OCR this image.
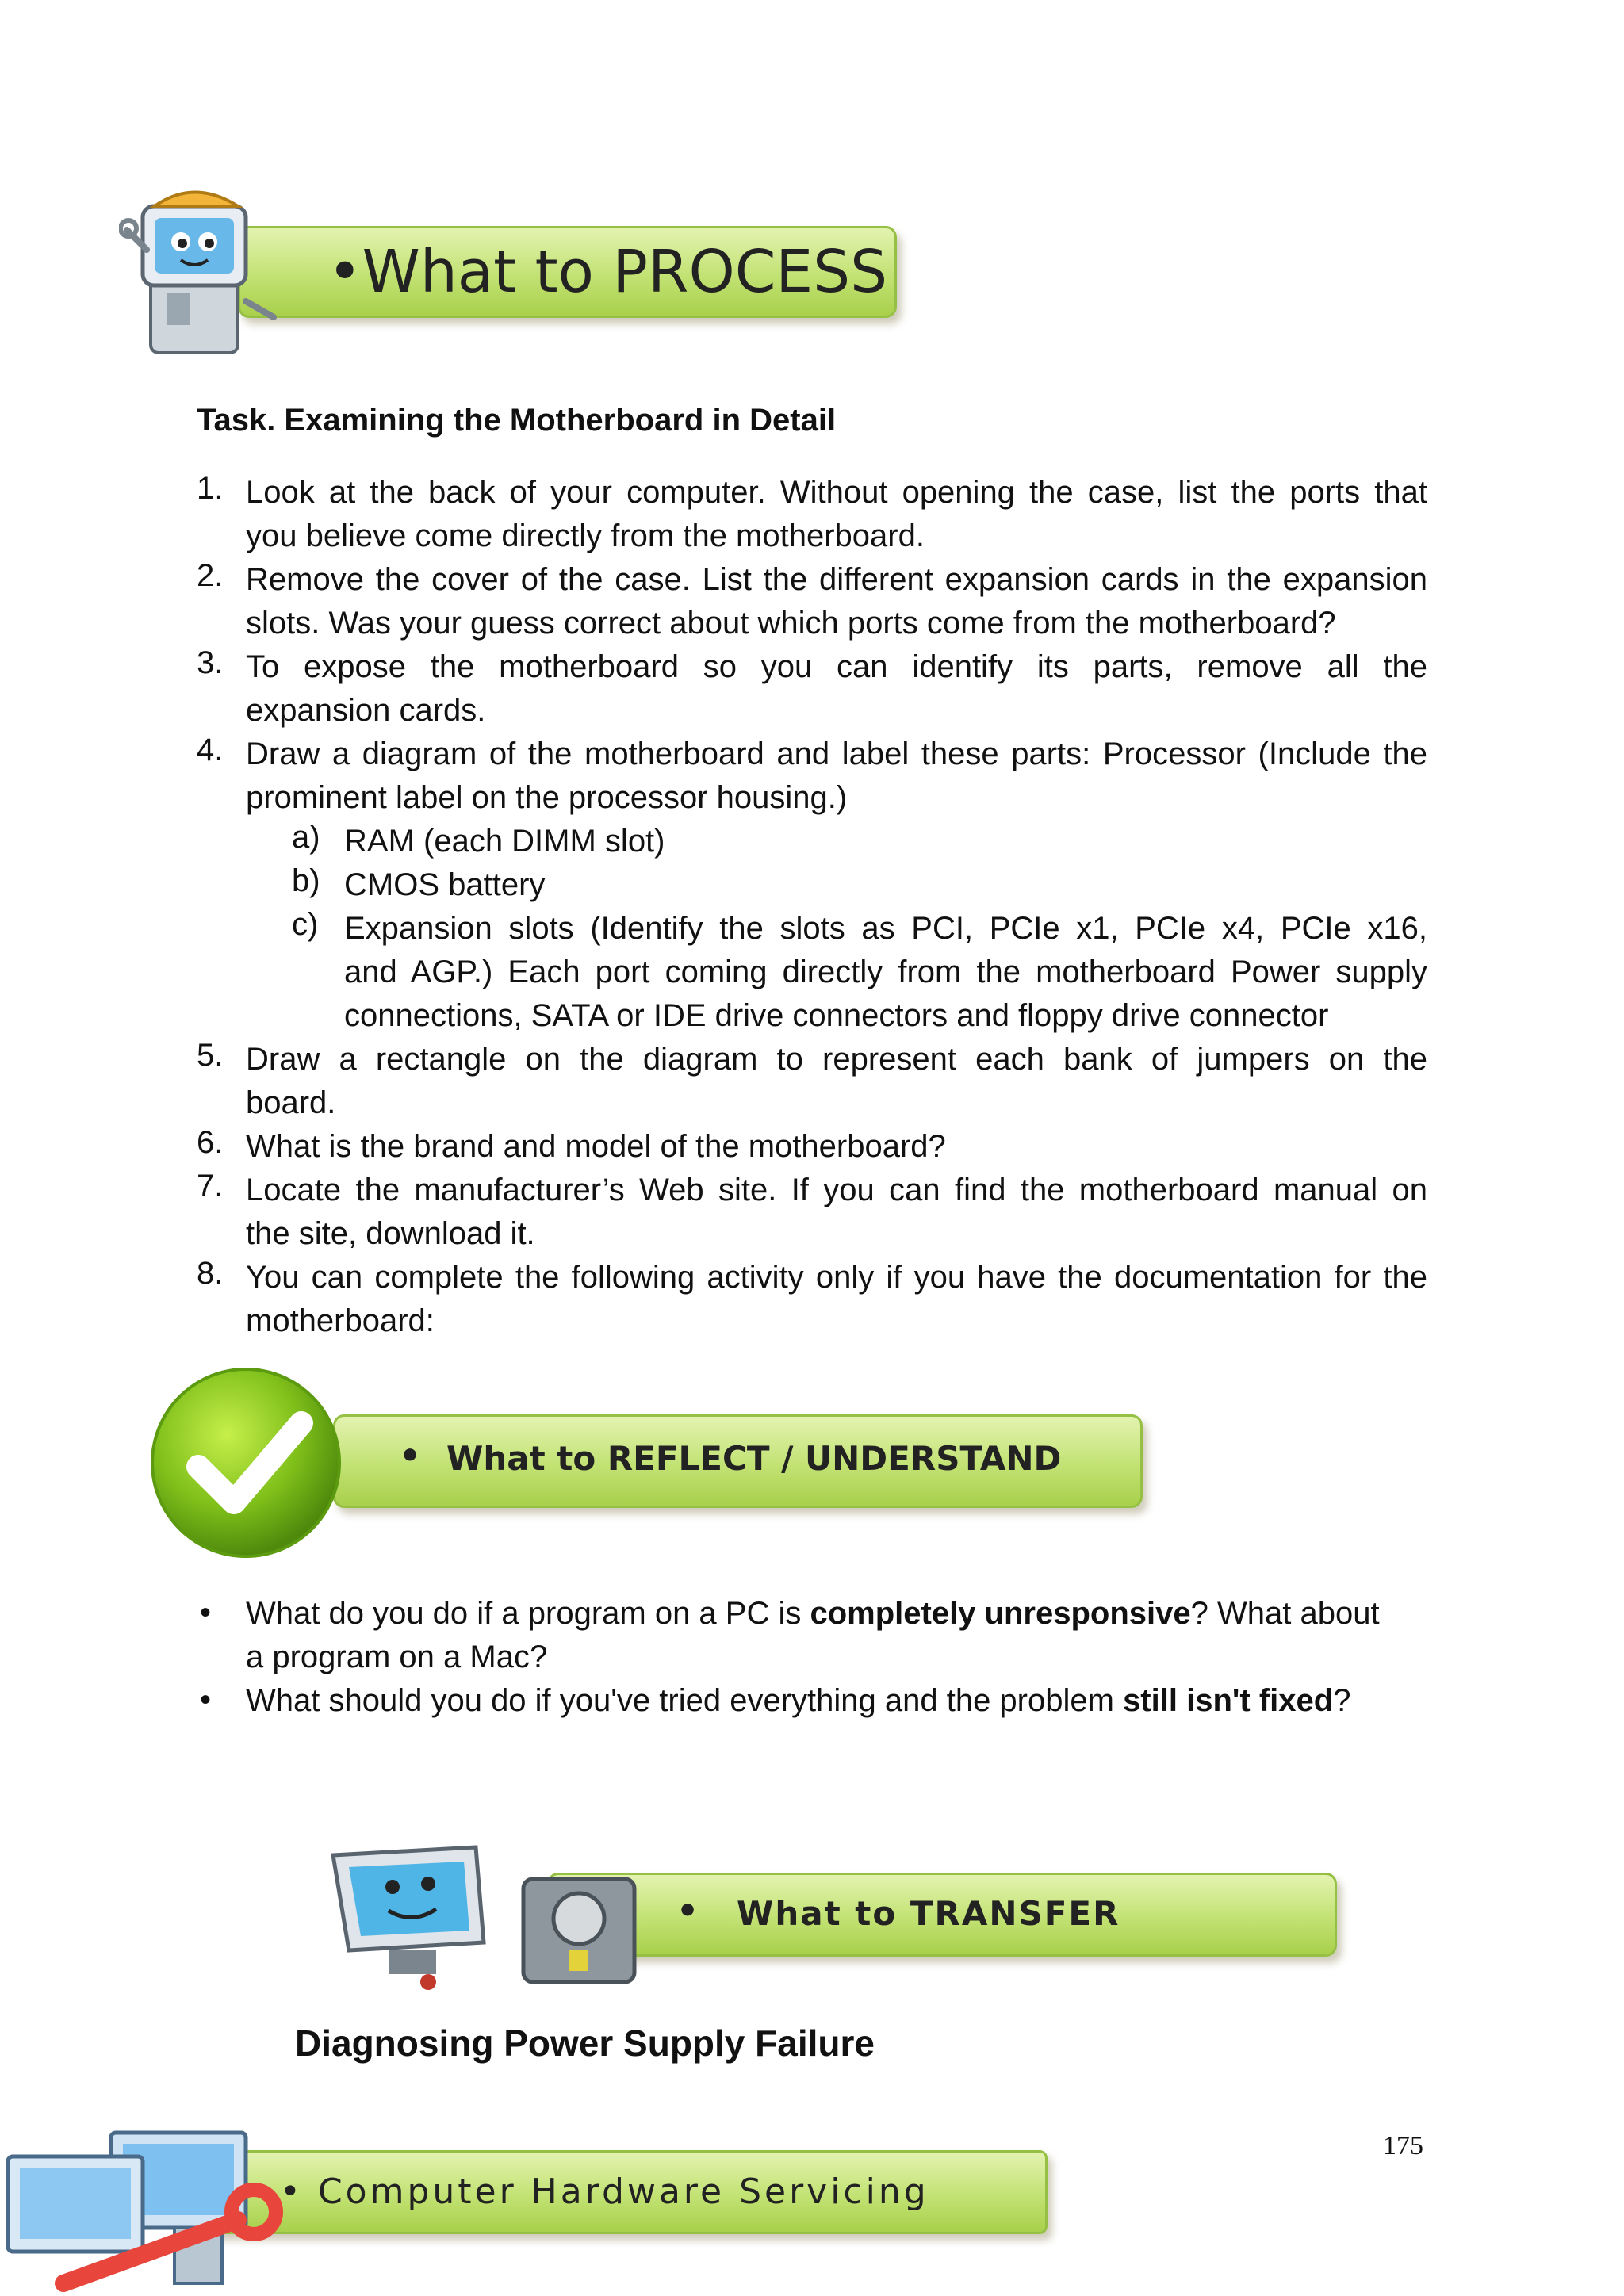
•What to PROCESS
Task. Examining the Motherboard in Detail
1. Look at the back of your computer. Without opening the case, list the ports that
you believe come directly from the motherboard.
2. Remove the cover of the case. List the different expansion cards in the expansion
slots. Was your guess correct about which ports come from the motherboard?
3. To expose the motherboard so you can identify its parts, remove all the
expansion cards.
4. Draw a diagram of the motherboard and label these parts: Processor (Include the
prominent label on the processor housing.)
a) RAM (each DIMM slot)
b) CMOS battery
c) Expansion slots (Identify the slots as PCI, PCIe x1, PCIe x4, PCIe x16,
and AGP.) Each port coming directly from the motherboard Power supply
connections, SATA or IDE drive connectors and floppy drive connector
5. Draw a rectangle on the diagram to represent each bank of jumpers on the
board.
6. What is the brand and model of the motherboard?
7. Locate the manufacturer’s Web site. If you can find the motherboard manual on
the site, download it.
8. You can complete the following activity only if you have the documentation for the
motherboard:
• What to REFLECT / UNDERSTAND
• What do you do if a program on a PC is completely unresponsive? What about
a program on a Mac?
• What should you do if you've tried everything and the problem still isn't fixed?
• What to TRANSFER
Diagnosing Power Supply Failure
175
• Computer Hardware Servicing
